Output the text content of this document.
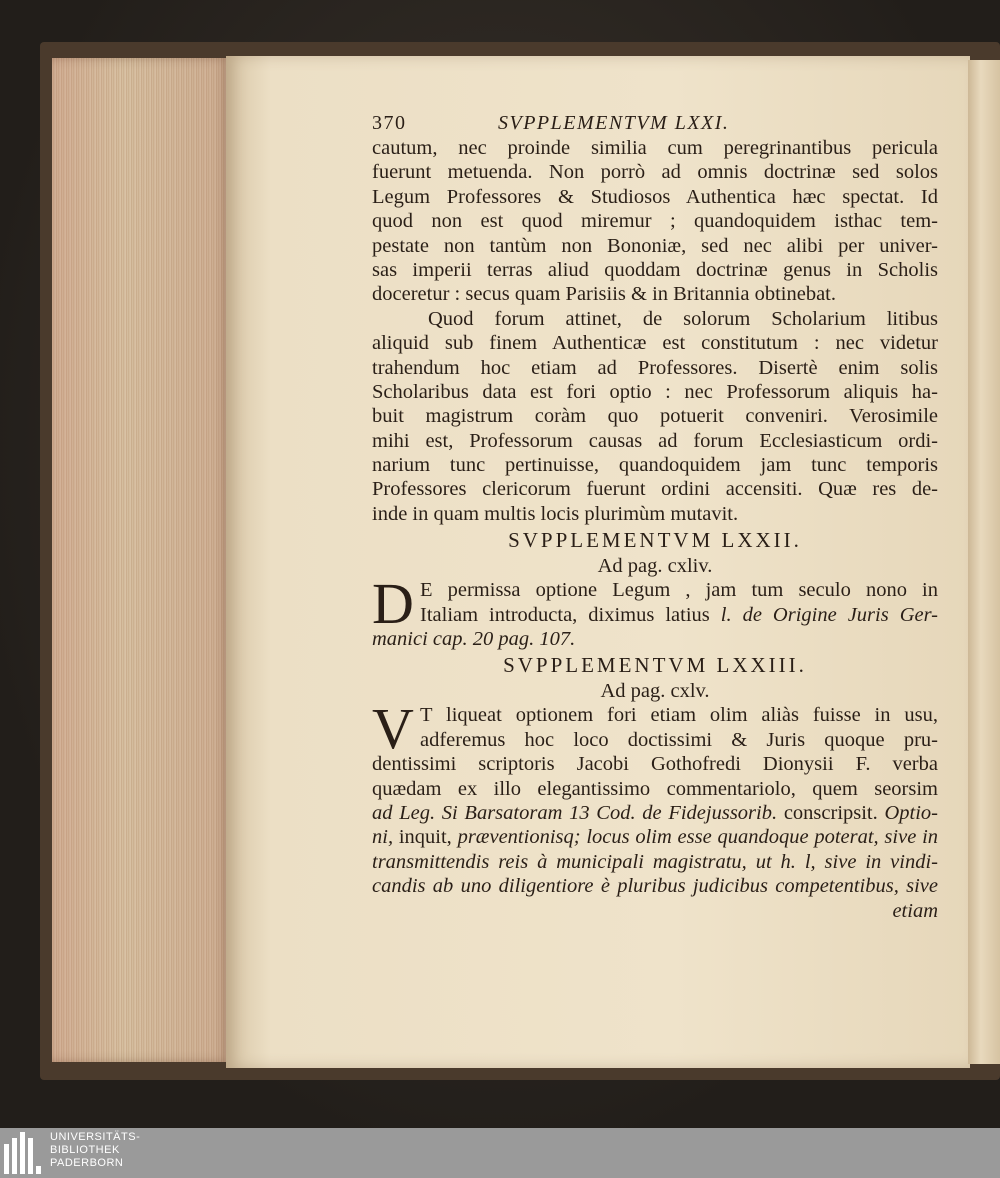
370	SVPPLEMENTVM LXXI.
cautum, nec proinde similia cum peregrinantibus pericula
fuerunt metuenda. Non porrò ad omnis doctrinæ sed solos
Legum Professores & Studiosos Authentica hæc spectat. Id
quod non est quod miremur ; quandoquidem isthac tem-
pestate non tantùm non Bononiæ, sed nec alibi per univer-
sas imperii terras aliud quoddam doctrinæ genus in Scholis
doceretur : secus quam Parisiis & in Britannia obtinebat.
Quod forum attinet, de solorum Scholarium litibus
aliquid sub finem Authenticæ est constitutum : nec videtur
trahendum hoc etiam ad Professores. Disertè enim solis
Scholaribus data est fori optio : nec Professorum aliquis ha-
buit magistrum coràm quo potuerit conveniri. Verosimile
mihi est, Professorum causas ad forum Ecclesiasticum ordi-
narium tunc pertinuisse, quandoquidem jam tunc temporis
Professores clericorum fuerunt ordini accensiti. Quæ res de-
inde in quam multis locis plurimùm mutavit.
SVPPLEMENTVM LXXII.
Ad pag. cxliv.
D E permissa optione Legum , jam tum seculo nono in
Italiam introducta, diximus latius l. de Origine Juris Ger-
manici cap. 20 pag. 107.
SVPPLEMENTVM LXXIII.
Ad pag. cxlv.
V T liqueat optionem fori etiam olim aliàs fuisse in usu,
adferemus hoc loco doctissimi & Juris quoque pru-
dentissimi scriptoris Jacobi Gothofredi Dionysii F. verba
quædam ex illo elegantissimo commentariolo, quem seorsim
ad Leg. Si Barsatoram 13 Cod. de Fidejussorib. conscripsit. Optio-
ni, inquit, præventionisq; locus olim esse quandoque poterat, sive in
transmittendis reis à municipali magistratu, ut h. l, sive in vindi-
candis ab uno diligentiore è pluribus judicibus competentibus, sive
etiam
UNIVERSITÄTS-
BIBLIOTHEK
PADERBORN
